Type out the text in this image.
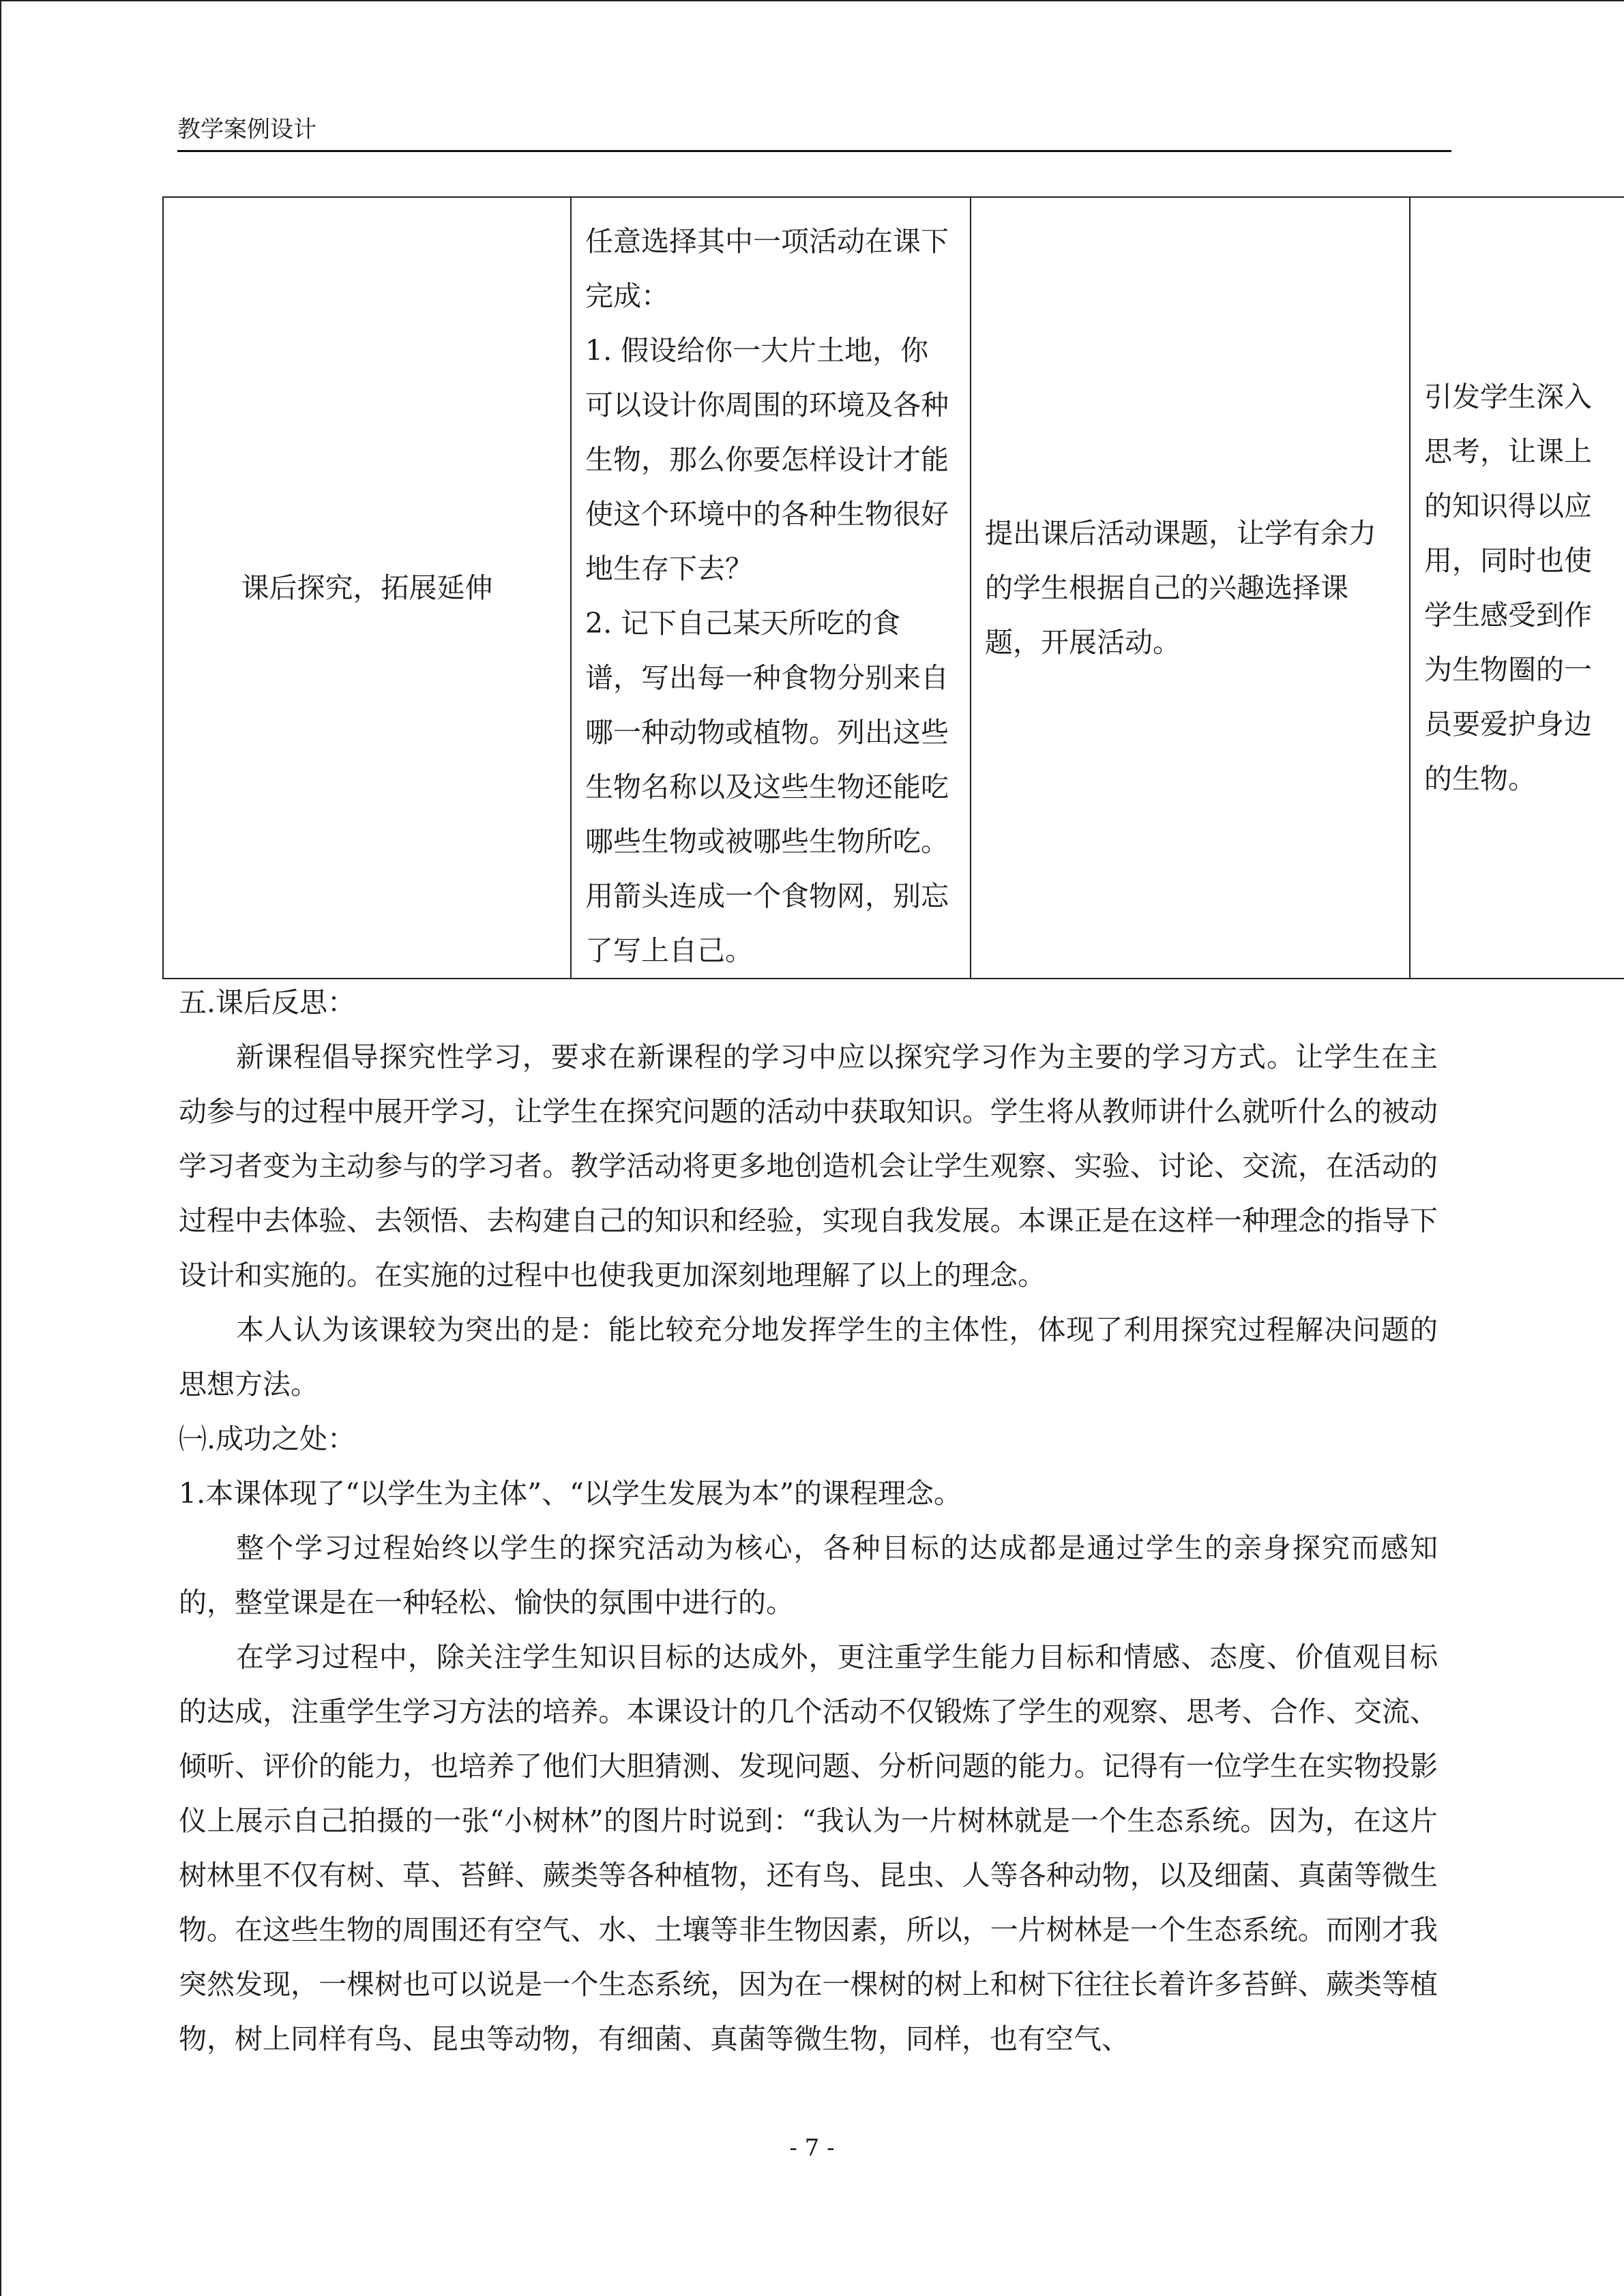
教学案例设计
课后探究，拓展延伸	任意选择其中一项活动在课下完成：
1. 假设给你一大片土地，你可以设计你周围的环境及各种生物，那么你要怎样设计才能使这个环境中的各种生物很好地生存下去？
2. 记下自己某天所吃的食谱，写出每一种食物分别来自哪一种动物或植物。列出这些生物名称以及这些生物还能吃哪些生物或被哪些生物所吃。用箭头连成一个食物网，别忘了写上自己。	提出课后活动课题，让学有余力的学生根据自己的兴趣选择课题，开展活动。	引发学生深入思考，让课上的知识得以应用，同时也使学生感受到作为生物圈的一员要爱护身边的生物。

五.课后反思：

新课程倡导探究性学习，要求在新课程的学习中应以探究学习作为主要的学习方式。让学生在主动参与的过程中展开学习，让学生在探究问题的活动中获取知识。学生将从教师讲什么就听什么的被动学习者变为主动参与的学习者。教学活动将更多地创造机会让学生观察、实验、讨论、交流，在活动的过程中去体验、去领悟、去构建自己的知识和经验，实现自我发展。本课正是在这样一种理念的指导下设计和实施的。在实施的过程中也使我更加深刻地理解了以上的理念。

本人认为该课较为突出的是：能比较充分地发挥学生的主体性，体现了利用探究过程解决问题的思想方法。

㈠.成功之处：

1.本课体现了“以学生为主体”、“以学生发展为本”的课程理念。

整个学习过程始终以学生的探究活动为核心，各种目标的达成都是通过学生的亲身探究而感知的，整堂课是在一种轻松、愉快的氛围中进行的。

在学习过程中，除关注学生知识目标的达成外，更注重学生能力目标和情感、态度、价值观目标的达成，注重学生学习方法的培养。本课设计的几个活动不仅锻炼了学生的观察、思考、合作、交流、倾听、评价的能力，也培养了他们大胆猜测、发现问题、分析问题的能力。记得有一位学生在实物投影仪上展示自己拍摄的一张“小树林”的图片时说到：“我认为一片树林就是一个生态系统。因为，在这片树林里不仅有树、草、苔鲜、蕨类等各种植物，还有鸟、昆虫、人等各种动物，以及细菌、真菌等微生物。在这些生物的周围还有空气、水、土壤等非生物因素，所以，一片树林是一个生态系统。而刚才我突然发现，一棵树也可以说是一个生态系统，因为在一棵树的树上和树下往往长着许多苔鲜、蕨类等植物，树上同样有鸟、昆虫等动物，有细菌、真菌等微生物，同样，也有空气、

- 7 -
